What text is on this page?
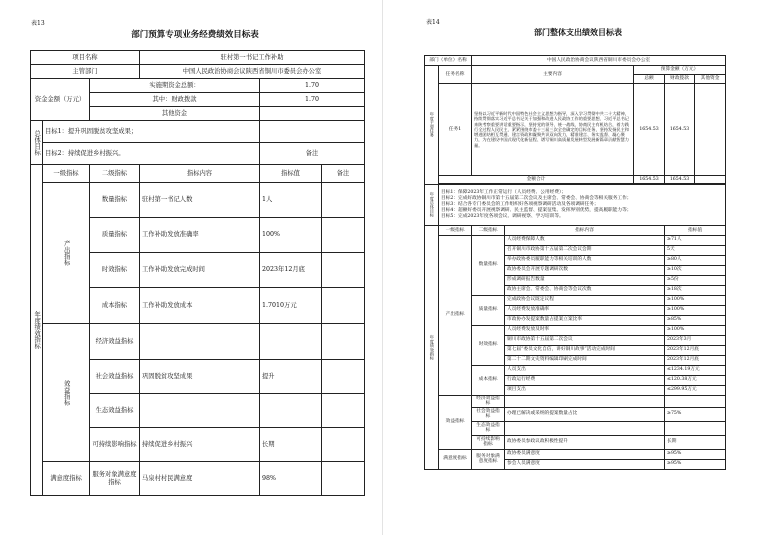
表13
部门预算专项业务经费绩效目标表
项目名称			驻村第一书记工作补助		
主管部门			中国人民政治协商会议陕西省铜川市委员会办公室		
资金金额（万元）		实施期资金总额：		1.70	
		其中：财政拨款		1.70	
		其他资金			

总体目标	目标1：提升巩固脱贫攻坚成果；				
	目标2：持续促进乡村振兴。			备注	

年度绩效指标	一级指标	二级指标	指标内容	指标值	备注

	产出指标	数量指标	驻村第一书记人数	1人	
		质量指标	工作补助发放准确率	100%	
		时效指标	工作补助发放完成时间	2023年12月底	
		成本指标	工作补助发放成本	1.7010万元	

	效益指标	经济效益指标			
		社会效益指标	巩固脱贫攻坚成果	提升	
		生态效益指标			
		可持续影响指标	持续促进乡村振兴	长期	
	满意度指标	服务对象满意度指标	马泉村村民满意度	98%	
表14
部门整体支出绩效目标表
部门（单位）名称		中国人民政治协商会议陕西省铜川市委员会办公室				

年度主要任务	任务名称	主要内容		预算金额（万元）		
				总额	财政拨款	其他资金
	任务1	坚持以习近平新时代中国特色社会主义思想为指导，深入学习贯彻中共二十大精神，持续贯彻落实习近平总书记关于加强和改进人民政协工作的重要思想、习近平总书记来陕考察重要讲话重要指示，坚持党的领导、统一战线、协商民主有机结合，着力践行全过程人民民主，紧紧围绕市委十三届三次全会确定的目标任务，坚持发扬民主和增进团结相互贯通、建言资政和凝聚共识双向发力，精准建言、务实监督、凝心聚力，为在建设中国式现代化新征程、谱写铜川高质量发展转型发展新篇章贡献智慧力量。		1654.53	1654.53	
	金额合计			1654.53	1654.53	

年度总体目标	目标1：保障2023年工作正常运行（人员经费、公用经费）；
目标2：完成好政协铜川市第十五届第二次会议及主席会、常委会、协商会等相关服务工作；
目标3：结合各专门委员会的工作组织好各项视察调研活动及各项调研任务；
目标4：超额好委员开展视察调研、民主监督、提案征集、发挥界别优势，提高履职能力等；
目标5：完成2023年度各项会议、调研视察、学习培训等。					

年度绩效指标	一级指标	二级指标	指标内容		指标值	
	产出指标	数量指标	人员经费保障人数		≥71人	
			召开铜川市政协第十五届第二次会议会期		5天	
			举办政协委员履职能力等相关培训的人数		≥80人	
			政协委员会开展专题调研次数		≥10次	
			形成调研报告数量		≥5份	
			政协主席会、常委会、协商会等会议次数		≥18次	
		质量指标	完成政协会议既定议程		≥100%	
			人员经费发放准确率		≥100%	
			市政协办发提案数量占提案立案比率		≥85%	
		时效指标	人员经费发放及时率		≥100%	
			铜川市政协第十五届第二次会议		2023年3月	
			第七届“委员文化自信，讲好铜川故事”活动完成时间		2023年12月底	
			第二十二期文史资料编辑印刷完成时间		2023年12月底	
		成本指标	人员支出		≤1234.19万元	
			行政运行经费		≤120.38万元	
			项目支出		≤299.95万元	
	效益指标	经济效益指标				
		社会效益指标	办理已解决或采纳的提案数量占比		≥75%	
		生态效益指标				
		可持续影响指标	政协委员参政议政积极性提升		长期	
	满意度指标	服务对象满意度指标	政协委员满意度		≥95%	
			参会人员满意度		≥95%	
